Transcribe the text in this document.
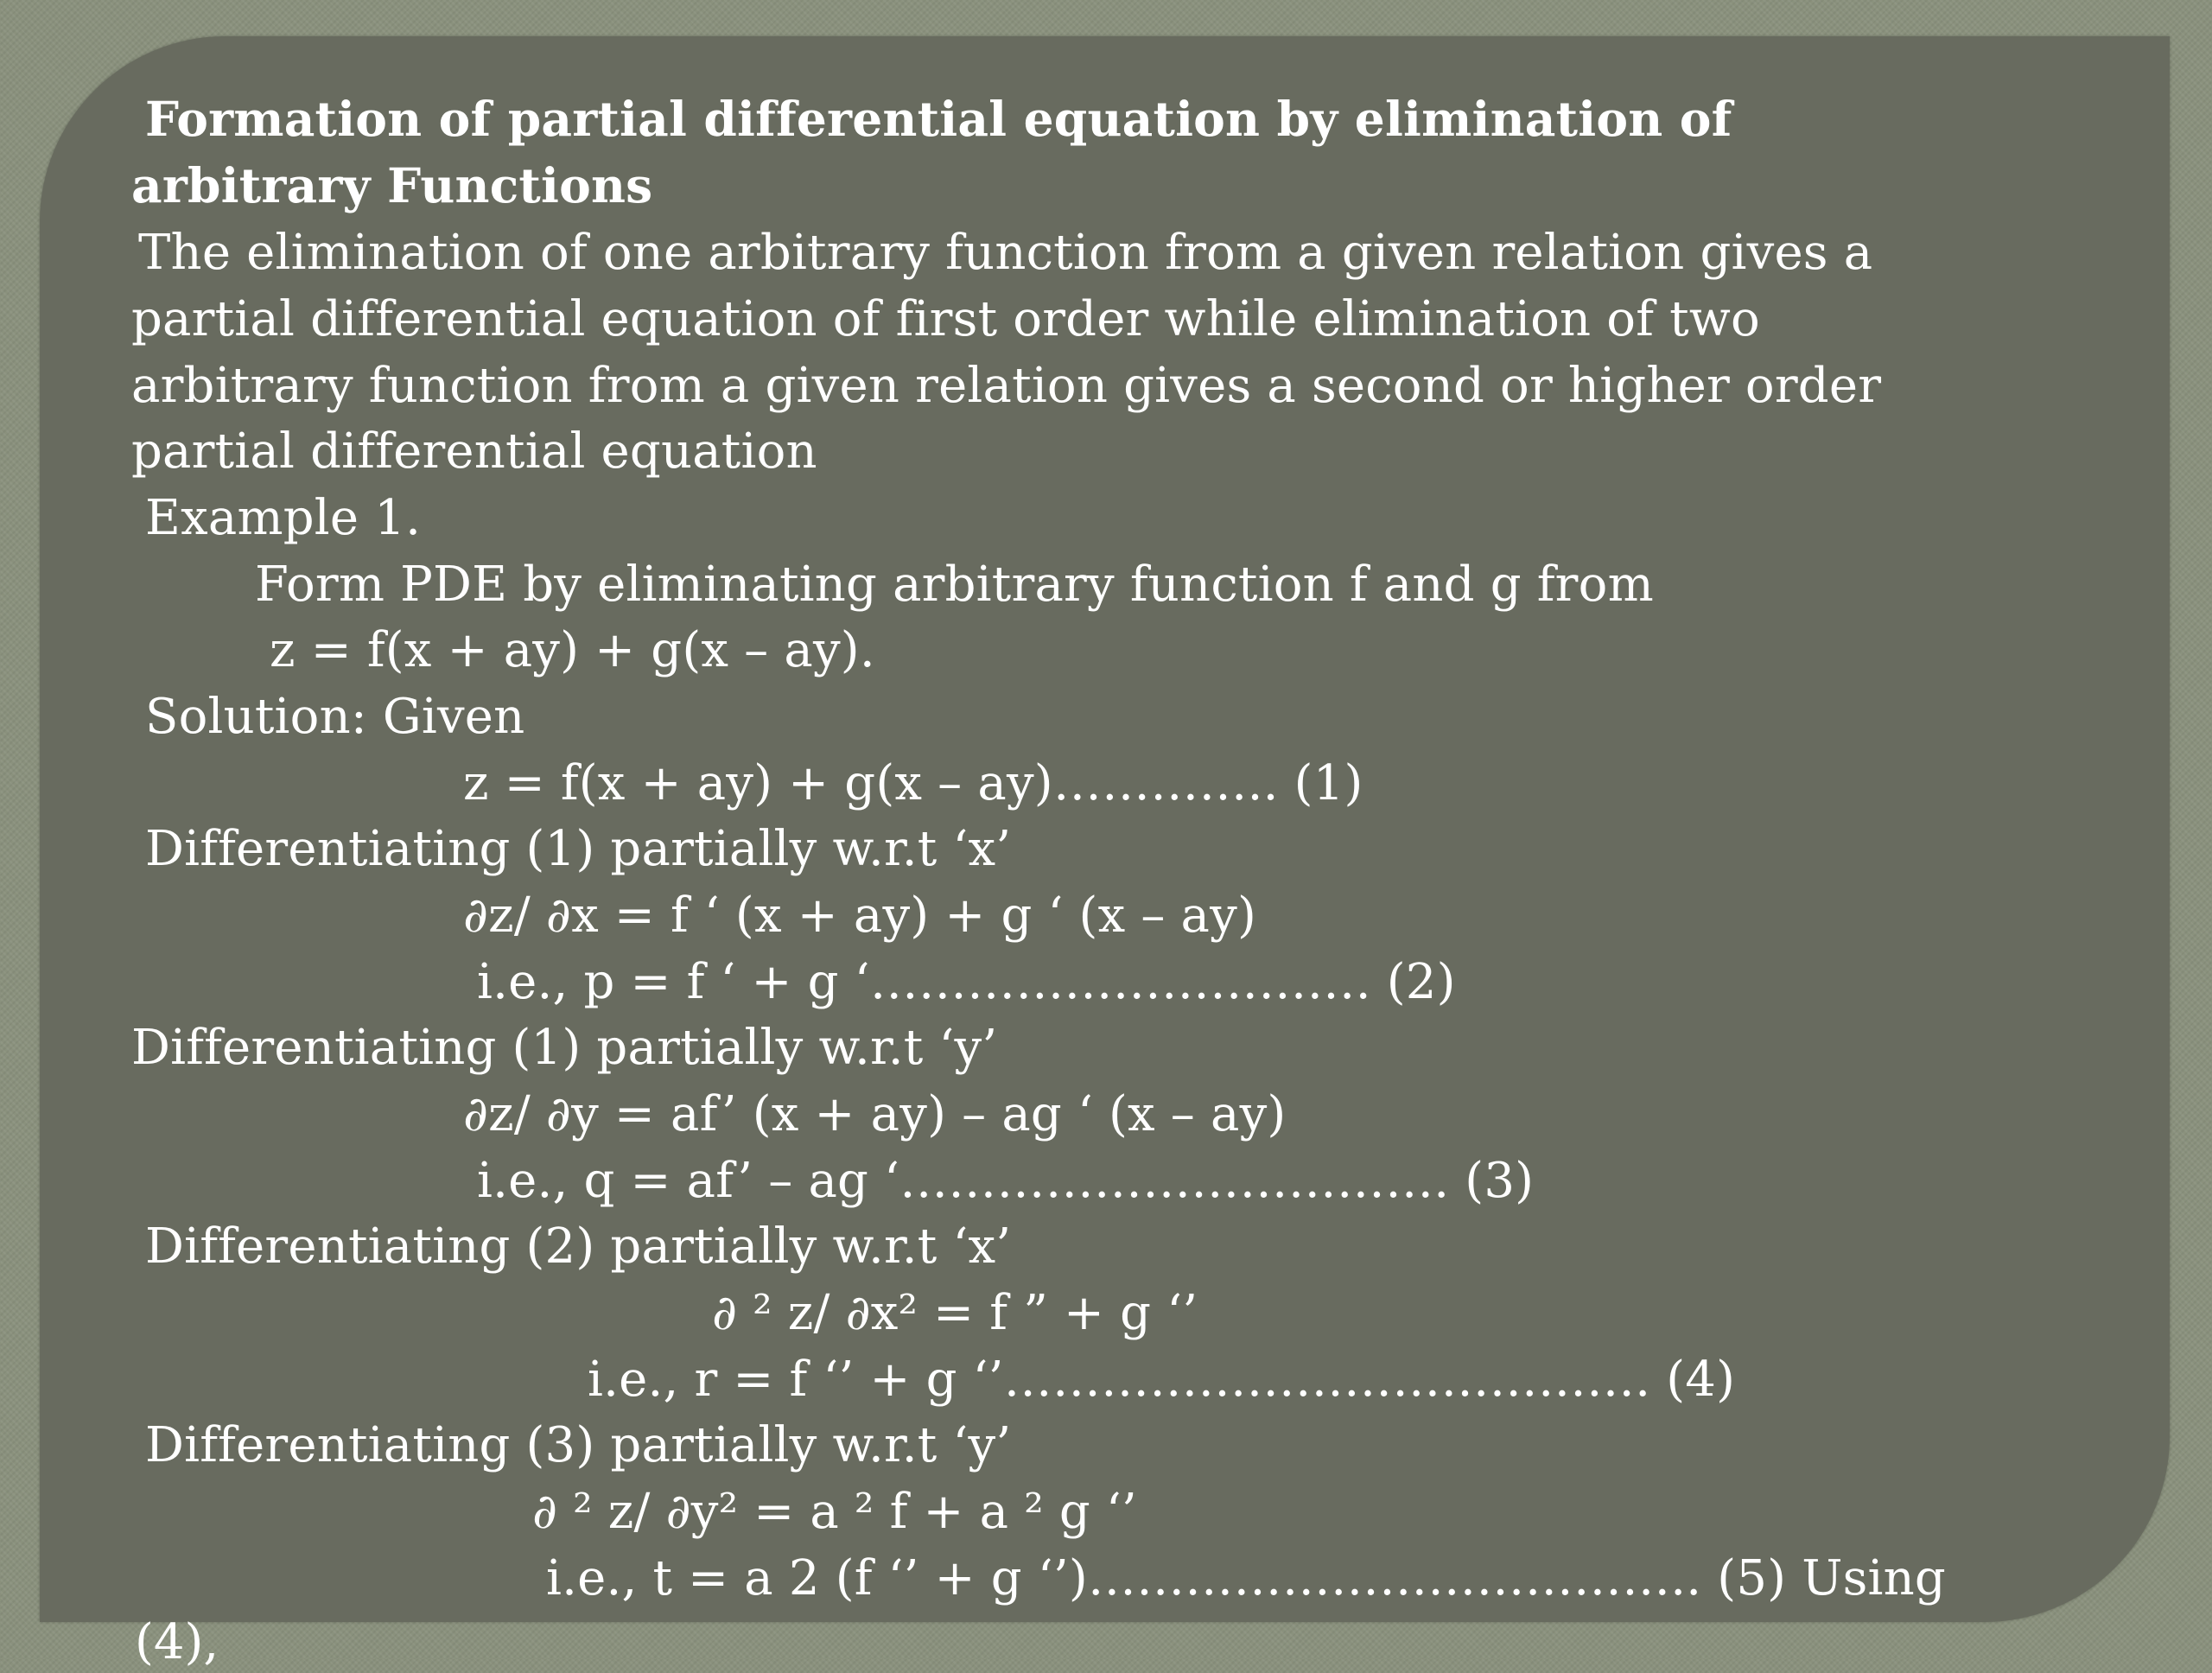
Formation of partial differential equation by elimination of
arbitrary Functions
The elimination of one arbitrary function from a given relation gives a
partial differential equation of first order while elimination of two
arbitrary function from a given relation gives a second or higher order
partial differential equation
Example 1.
Form PDE by eliminating arbitrary function f and g from
z = f(x + ay) + g(x – ay).
Solution: Given
z = f(x + ay) + g(x – ay)………….. (1)
Differentiating (1) partially w.r.t ‘x’
∂z/ ∂x = f ‘ (x + ay) + g ‘ (x – ay)
i.e., p = f ‘ + g ‘…………………………. (2)
Differentiating (1) partially w.r.t ‘y’
∂z/ ∂y = af’ (x + ay) – ag ‘ (x – ay)
i.e., q = af’ – ag ‘……………………………. (3)
Differentiating (2) partially w.r.t ‘x’
∂ ² z/ ∂x² = f ” + g ‘’
i.e., r = f ‘’ + g ‘’…………………………………. (4)
Differentiating (3) partially w.r.t ‘y’
∂ ² z/ ∂y² = a ² f + a ² g ‘’
i.e., t = a 2 (f ‘’ + g ‘’)……………………………….. (5) Using
(4),
